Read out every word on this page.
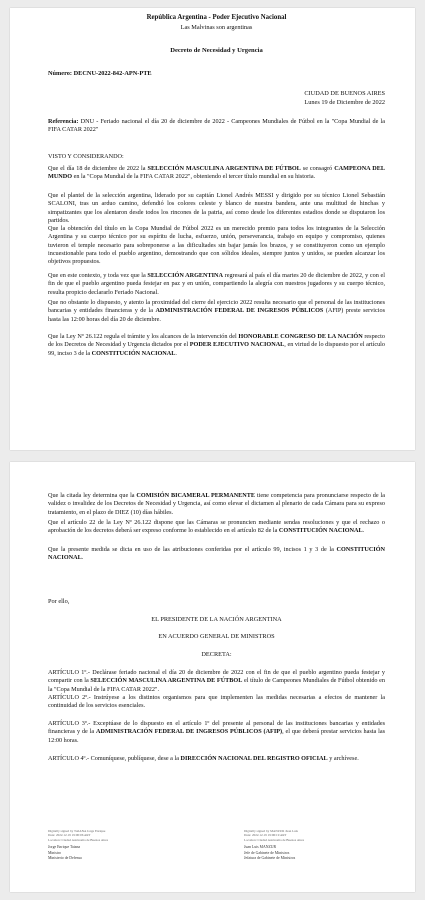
República Argentina - Poder Ejecutivo Nacional
Las Malvinas son argentinas
Decreto de Necesidad y Urgencia
Número: DECNU-2022-842-APN-PTE
CIUDAD DE BUENOS AIRES
Lunes 19 de Diciembre de 2022

Referencia: DNU - Feriado nacional el día 20 de diciembre de 2022 - Campeones Mundiales de Fútbol en la "Copa Mundial de la FIFA CATAR 2022"

VISTO Y CONSIDERANDO:

Que el día 18 de diciembre de 2022 la SELECCIÓN MASCULINA ARGENTINA DE FÚTBOL se consagró CAMPEONA DEL MUNDO en la "Copa Mundial de la FIFA CATAR 2022", obteniendo el tercer título mundial en su historia.

Que el plantel de la selección argentina, liderado por su capitán Lionel Andrés MESSI y dirigido por su técnico Lionel Sebastián SCALONI, tras un arduo camino, defendió los colores celeste y blanco de nuestra bandera, ante una multitud de hinchas y simpatizantes que los alentaron desde todos los rincones de la patria, así como desde los diferentes estadios donde se disputaron los partidos.

Que la obtención del título en la Copa Mundial de Fútbol 2022 es un merecido premio para todos los integrantes de la Selección Argentina y su cuerpo técnico por su espíritu de lucha, esfuerzo, unión, perseverancia, trabajo en equipo y compromiso, quienes tuvieron el temple necesario para sobreponerse a las dificultades sin bajar jamás los brazos, y se constituyeron como un ejemplo incuestionable para todo el pueblo argentino, demostrando que con sólidos ideales, siempre juntos y unidos, se pueden alcanzar los objetivos propuestos.

Que en este contexto, y toda vez que la SELECCIÓN ARGENTINA regresará al país el día martes 20 de diciembre de 2022, y con el fin de que el pueblo argentino pueda festejar en paz y en unión, compartiendo la alegría con nuestros jugadores y su cuerpo técnico, resulta propicio declararlo Feriado Nacional.

Que no obstante lo dispuesto, y atento la proximidad del cierre del ejercicio 2022 resulta necesario que el personal de las instituciones bancarias y entidades financieras y de la ADMINISTRACIÓN FEDERAL DE INGRESOS PÚBLICOS (AFIP) preste servicios hasta las 12:00 horas del día 20 de diciembre.

Que la Ley Nº 26.122 regula el trámite y los alcances de la intervención del HONORABLE CONGRESO DE LA NACIÓN respecto de los Decretos de Necesidad y Urgencia dictados por el PODER EJECUTIVO NACIONAL, en virtud de lo dispuesto por el artículo 99, inciso 3 de la CONSTITUCIÓN NACIONAL.

Que la citada ley determina que la COMISIÓN BICAMERAL PERMANENTE tiene competencia para pronunciarse respecto de la validez o invalidez de los Decretos de Necesidad y Urgencia, así como elevar el dictamen al plenario de cada Cámara para su expreso tratamiento, en el plazo de DIEZ (10) días hábiles.

Que el artículo 22 de la Ley Nº 26.122 dispone que las Cámaras se pronuncien mediante sendas resoluciones y que el rechazo o aprobación de los decretos deberá ser expreso conforme lo establecido en el artículo 82 de la CONSTITUCIÓN NACIONAL.

Que la presente medida se dicta en uso de las atribuciones conferidas por el artículo 99, incisos 1 y 3 de la CONSTITUCIÓN NACIONAL.

Por ello,
EL PRESIDENTE DE LA NACIÓN ARGENTINA
EN ACUERDO GENERAL DE MINISTROS
DECRETA:

ARTÍCULO 1º.- Declárase feriado nacional el día 20 de diciembre de 2022 con el fin de que el pueblo argentino pueda festejar y compartir con la SELECCIÓN MASCULINA ARGENTINA DE FÚTBOL el título de Campeones Mundiales de Fútbol obtenido en la "Copa Mundial de la FIFA CATAR 2022".

ARTÍCULO 2º.- Instrúyese a los distintos organismos para que implementen las medidas necesarias a efectos de mantener la continuidad de los servicios esenciales.

ARTÍCULO 3º.- Exceptúase de lo dispuesto en el artículo 1º del presente al personal de las instituciones bancarias y entidades financieras y de la ADMINISTRACIÓN FEDERAL DE INGRESOS PÚBLICOS (AFIP), el que deberá prestar servicios hasta las 12:00 horas.

ARTÍCULO 4º.- Comuníquese, publíquese, dese a la DIRECCIÓN NACIONAL DEL REGISTRO OFICIAL y archívese.

Digitally signed by TAIANA Jorge Enrique
Date: 2022.12.19 19:00:06 ART
Location: Ciudad Autónoma de Buenos Aires
Jorge Enrique Taiana
Ministro
Ministerio de Defensa
Digitally signed by MANZUR Juan Luis
Date: 2022.12.19 19:06:19 ART
Location: Ciudad Autónoma de Buenos Aires
Juan Luis MANZUR
Jefe de Gabinete de Ministros
Jefatura de Gabinete de Ministros
